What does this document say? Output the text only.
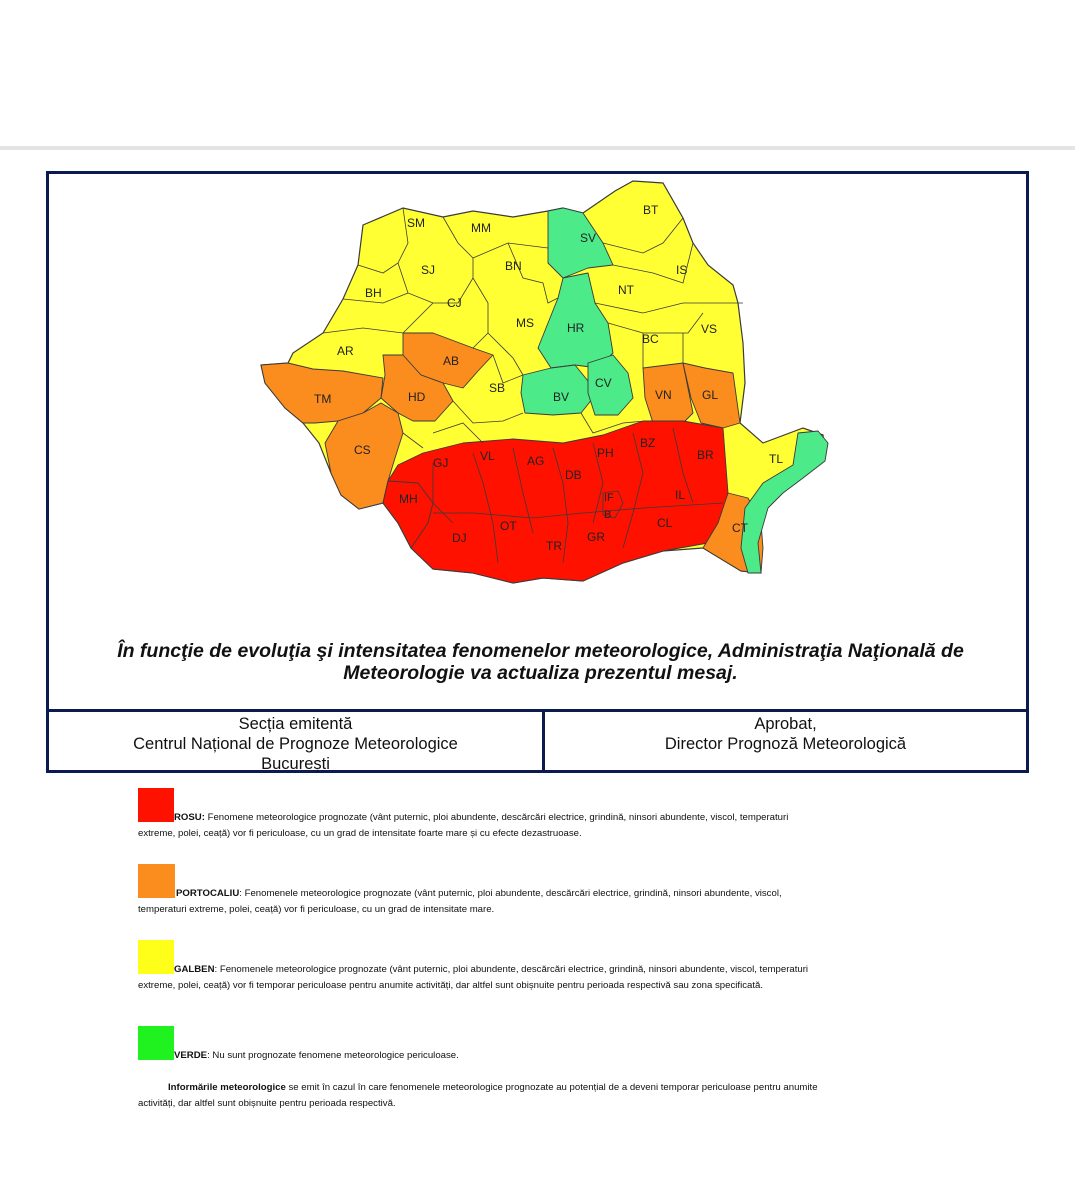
SM	MM
SV
BT
SJ	BN	IS
BH
CJ
NT
MS	HR	VS
BC
AR
AB
TM	HD
SB
BV
CV
VN	GL
CS
GJ	VL	AG
DB
PH
BZ
BR	TL
MH	IF	IL
B
DJ
OT
TR
GR
CL	CT
În funcţie de evoluţia şi intensitatea fenomenelor meteorologice, Administraţia Naţională de Meteorologie va actualiza prezentul mesaj.
Secția emitentă
Centrul Național de Prognoze Meteorologice
București
Aprobat,
Director Prognoză Meteorologică
ROSU: Fenomene meteorologice prognozate (vânt puternic, ploi abundente, descărcări electrice, grindină, ninsori abundente, viscol, temperaturi extreme, polei, ceață) vor fi periculoase, cu un grad de intensitate foarte mare și cu efecte dezastruoase.
PORTOCALIU: Fenomenele meteorologice prognozate (vânt puternic, ploi abundente, descărcări electrice, grindină, ninsori abundente, viscol, temperaturi extreme, polei, ceață) vor fi periculoase, cu un grad de intensitate mare.
GALBEN: Fenomenele meteorologice prognozate (vânt puternic, ploi abundente, descărcări electrice, grindină, ninsori abundente, viscol, temperaturi extreme, polei, ceață) vor fi temporar periculoase pentru anumite activități, dar altfel sunt obișnuite pentru perioada respectivă sau zona specificată.
VERDE: Nu sunt prognozate fenomene meteorologice periculoase.
Informările meteorologice se emit în cazul în care fenomenele meteorologice prognozate au potențial de a deveni temporar periculoase pentru anumite activități, dar altfel sunt obișnuite pentru perioada respectivă.
